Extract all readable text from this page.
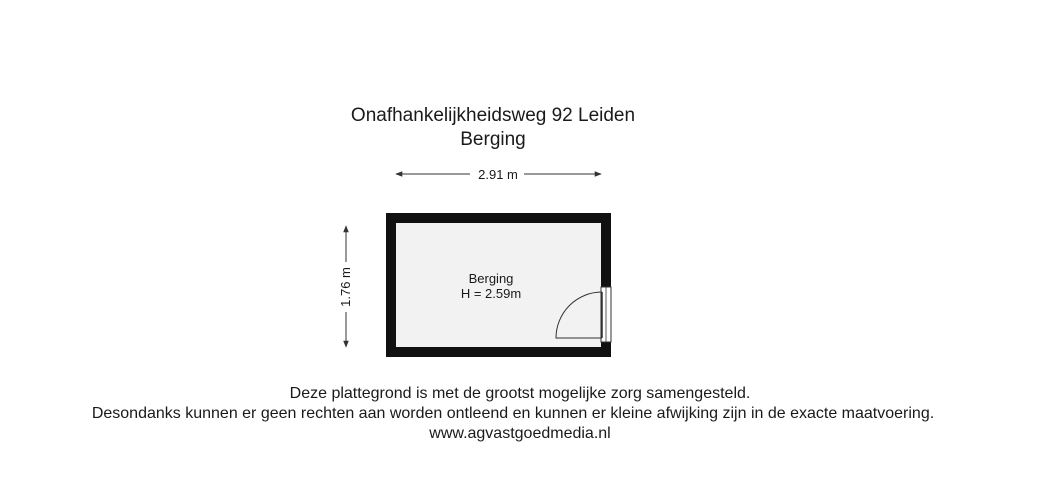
Onafhankelijkheidsweg 92 Leiden
Berging
2.91 m
1.76 m	Berging
H = 2.59m
Deze plattegrond is met de grootst mogelijke zorg samengesteld.
Desondanks kunnen er geen rechten aan worden ontleend en kunnen er kleine afwijking zijn in de exacte maatvoering.
www.agvastgoedmedia.nl
